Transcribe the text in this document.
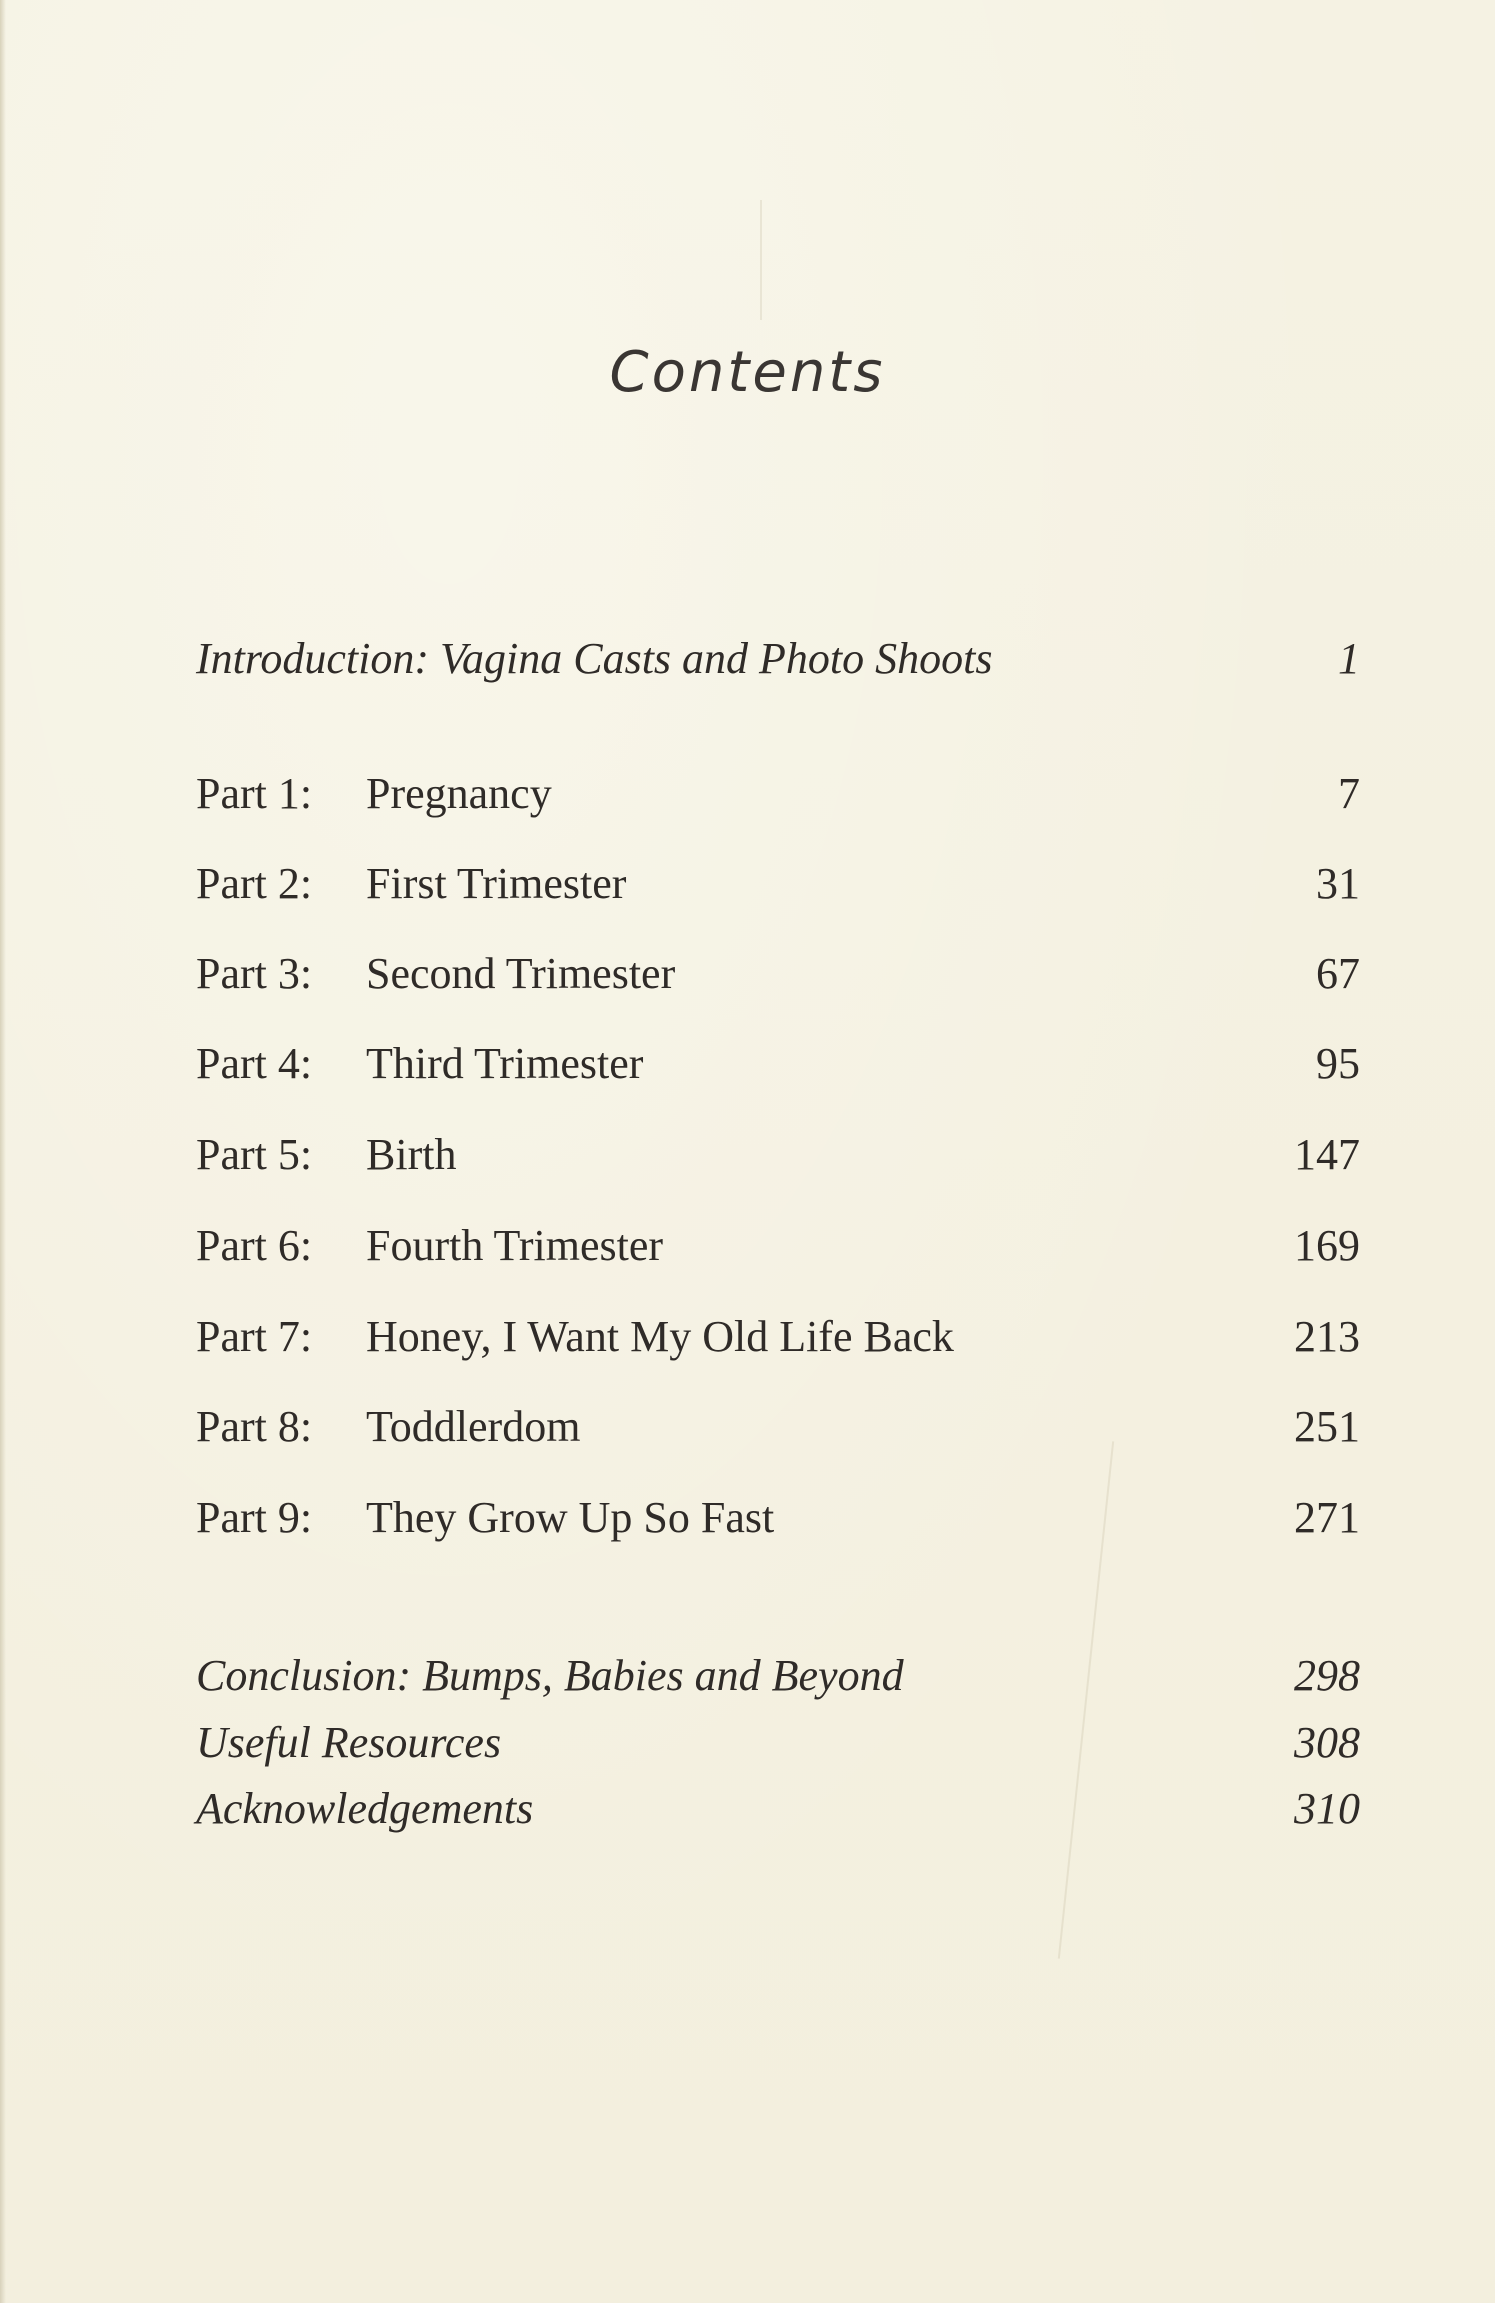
Contents
Introduction: Vagina Casts and Photo Shoots	1
Part 1:	Pregnancy	7
Part 2:	First Trimester	31
Part 3:	Second Trimester	67
Part 4:	Third Trimester	95
Part 5:	Birth	147
Part 6:	Fourth Trimester	169
Part 7:	Honey, I Want My Old Life Back	213
Part 8:	Toddlerdom	251
Part 9:	They Grow Up So Fast	271
Conclusion: Bumps, Babies and Beyond	298
Useful Resources	308
Acknowledgements	310
